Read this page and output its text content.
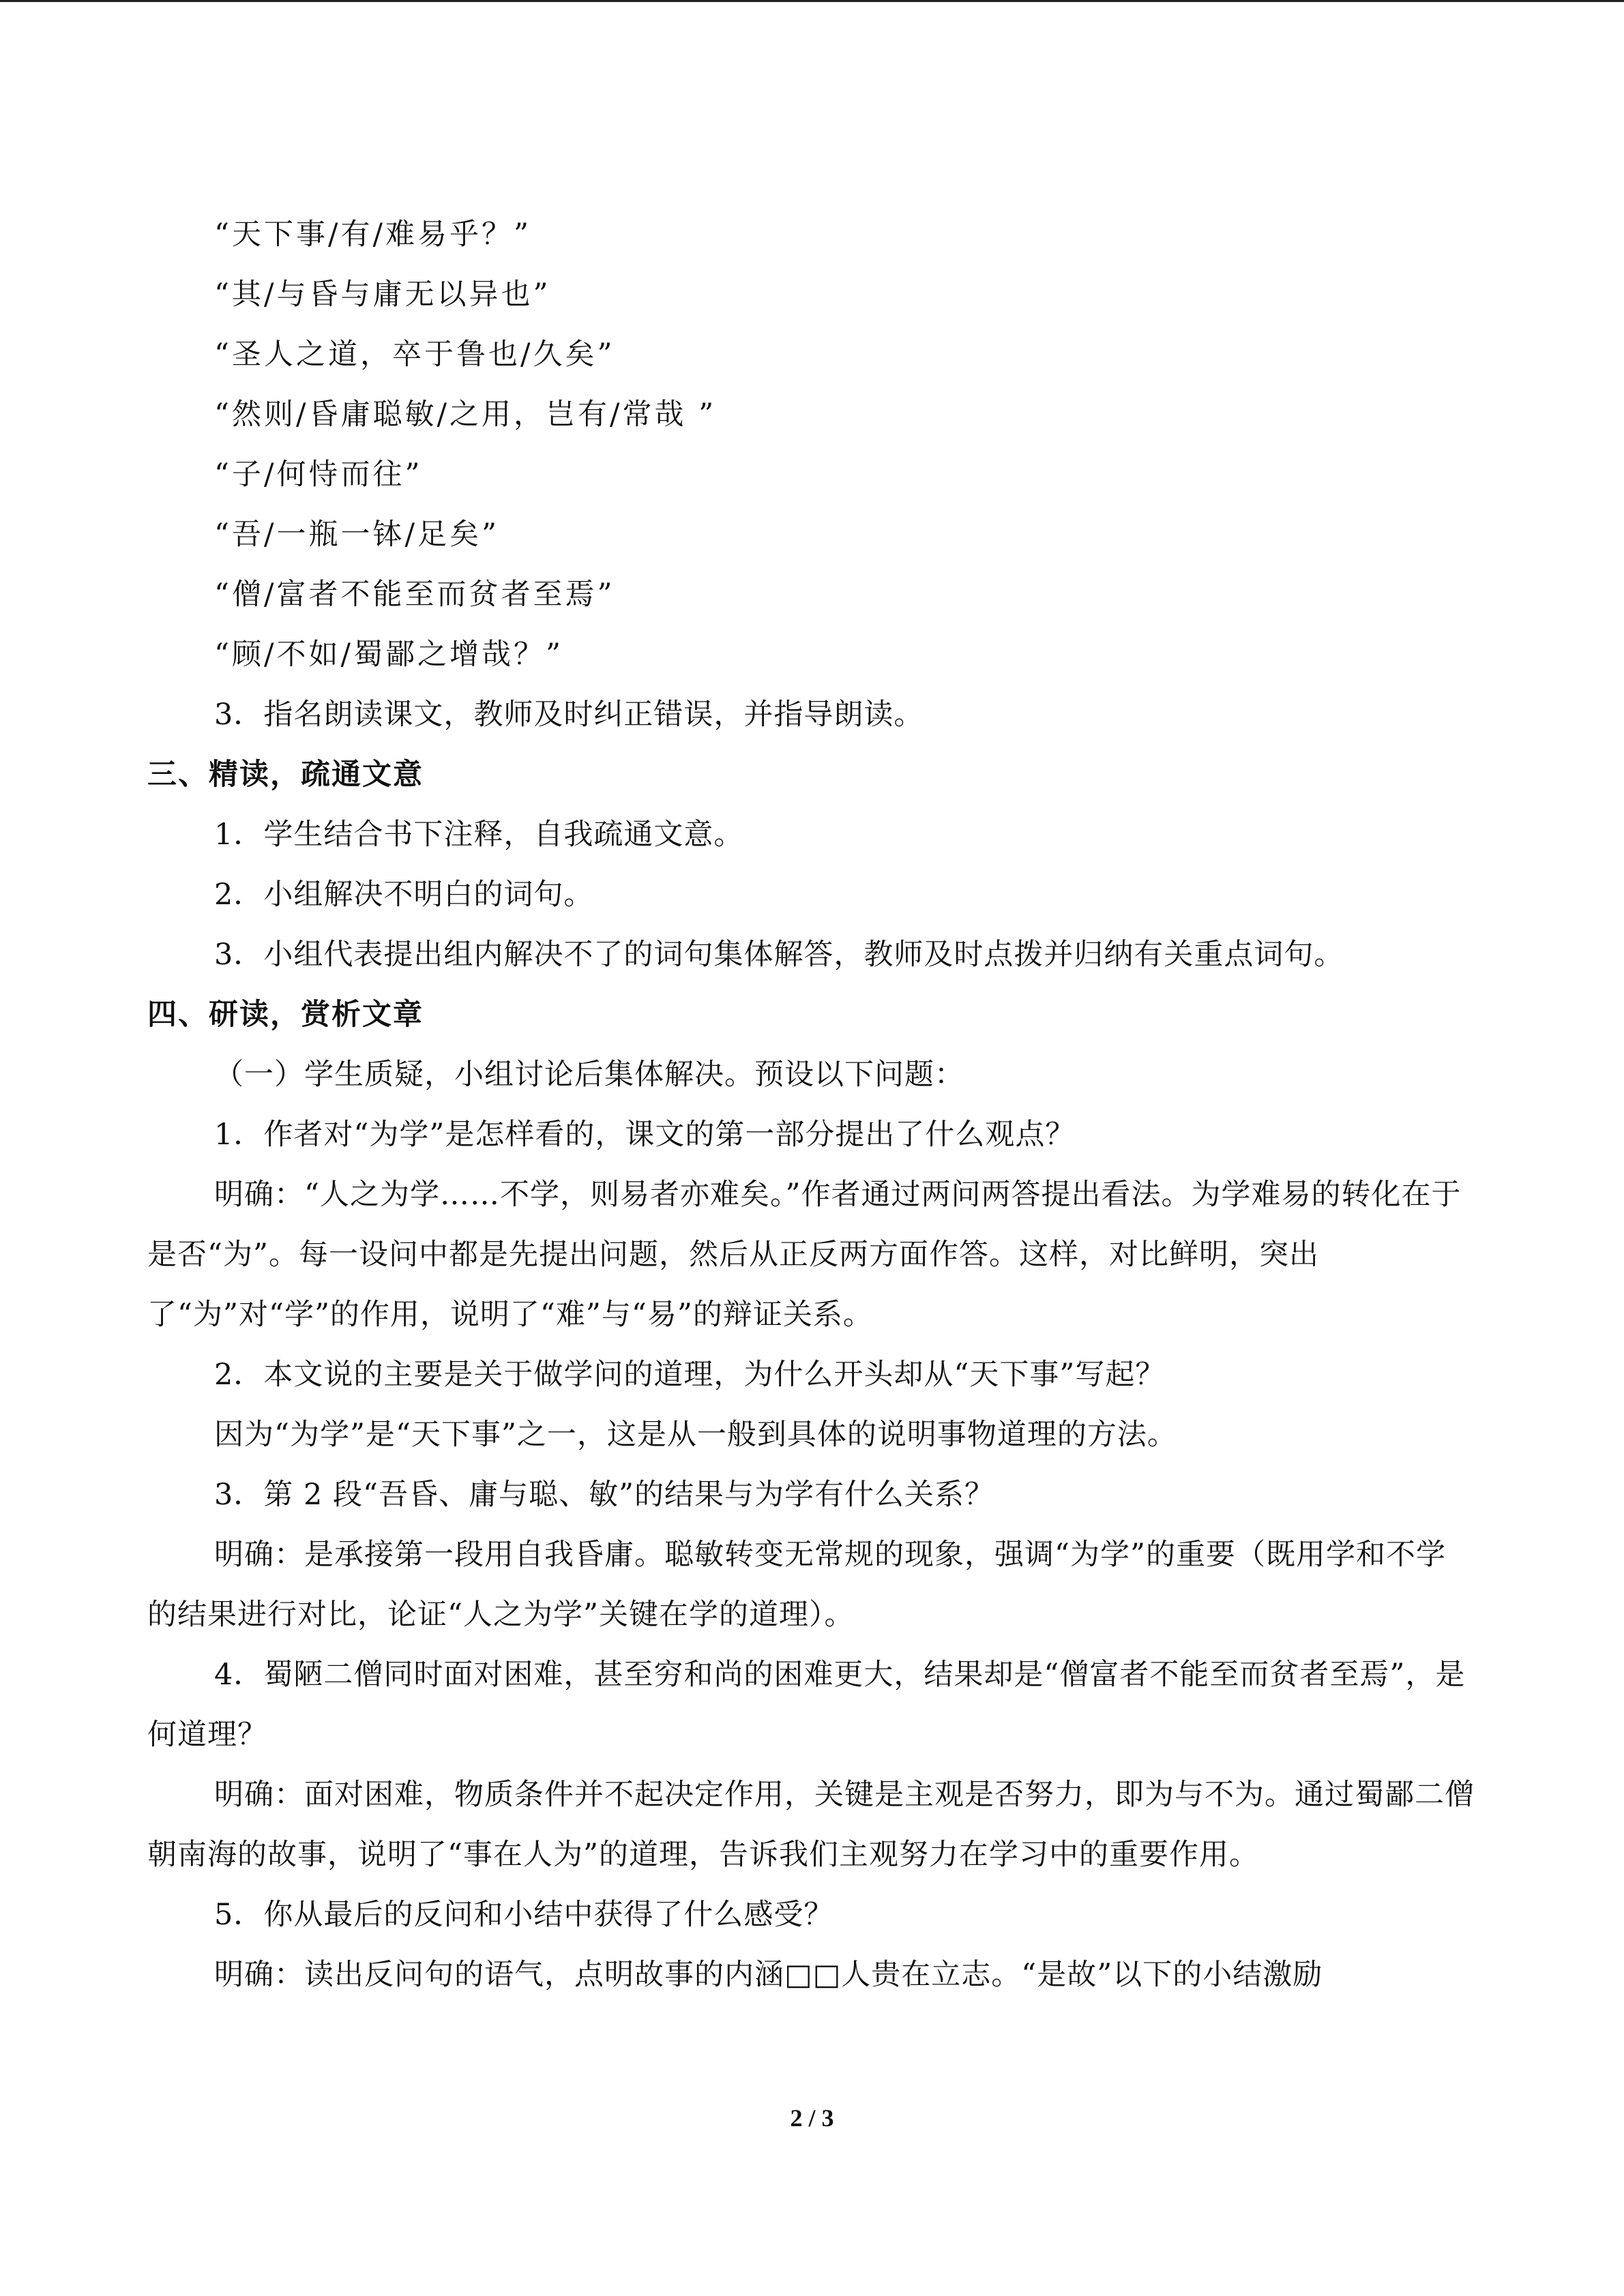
“天下事/有/难易乎？”

“其/与昏与庸无以异也”

“圣人之道，卒于鲁也/久矣”

“然则/昏庸聪敏/之用，岂有/常哉 ”

“子/何恃而往”

“吾/一瓶一钵/足矣”

“僧/富者不能至而贫者至焉”

“顾/不如/蜀鄙之增哉？”

3．指名朗读课文，教师及时纠正错误，并指导朗读。

三、精读，疏通文意

1．学生结合书下注释，自我疏通文意。

2．小组解决不明白的词句。

3．小组代表提出组内解决不了的词句集体解答，教师及时点拨并归纳有关重点词句。

四、研读，赏析文章

（一）学生质疑，小组讨论后集体解决。预设以下问题：

1．作者对“为学”是怎样看的，课文的第一部分提出了什么观点？

明确：“人之为学……不学，则易者亦难矣。”作者通过两问两答提出看法。为学难易的转化在于是否“为”。每一设问中都是先提出问题，然后从正反两方面作答。这样，对比鲜明，突出了“为”对“学”的作用，说明了“难”与“易”的辩证关系。

2．本文说的主要是关于做学问的道理，为什么开头却从“天下事”写起？

因为“为学”是“天下事”之一，这是从一般到具体的说明事物道理的方法。

3．第 2 段“吾昏、庸与聪、敏”的结果与为学有什么关系？

明确：是承接第一段用自我昏庸。聪敏转变无常规的现象，强调“为学”的重要（既用学和不学的结果进行对比，论证“人之为学”关键在学的道理）。

4．蜀陋二僧同时面对困难，甚至穷和尚的困难更大，结果却是“僧富者不能至而贫者至焉”，是何道理？

明确：面对困难，物质条件并不起决定作用，关键是主观是否努力，即为与不为。通过蜀鄙二僧朝南海的故事，说明了“事在人为”的道理，告诉我们主观努力在学习中的重要作用。

5．你从最后的反问和小结中获得了什么感受？

明确：读出反问句的语气，点明故事的内涵□□人贵在立志。“是故”以下的小结激励

2 / 3
